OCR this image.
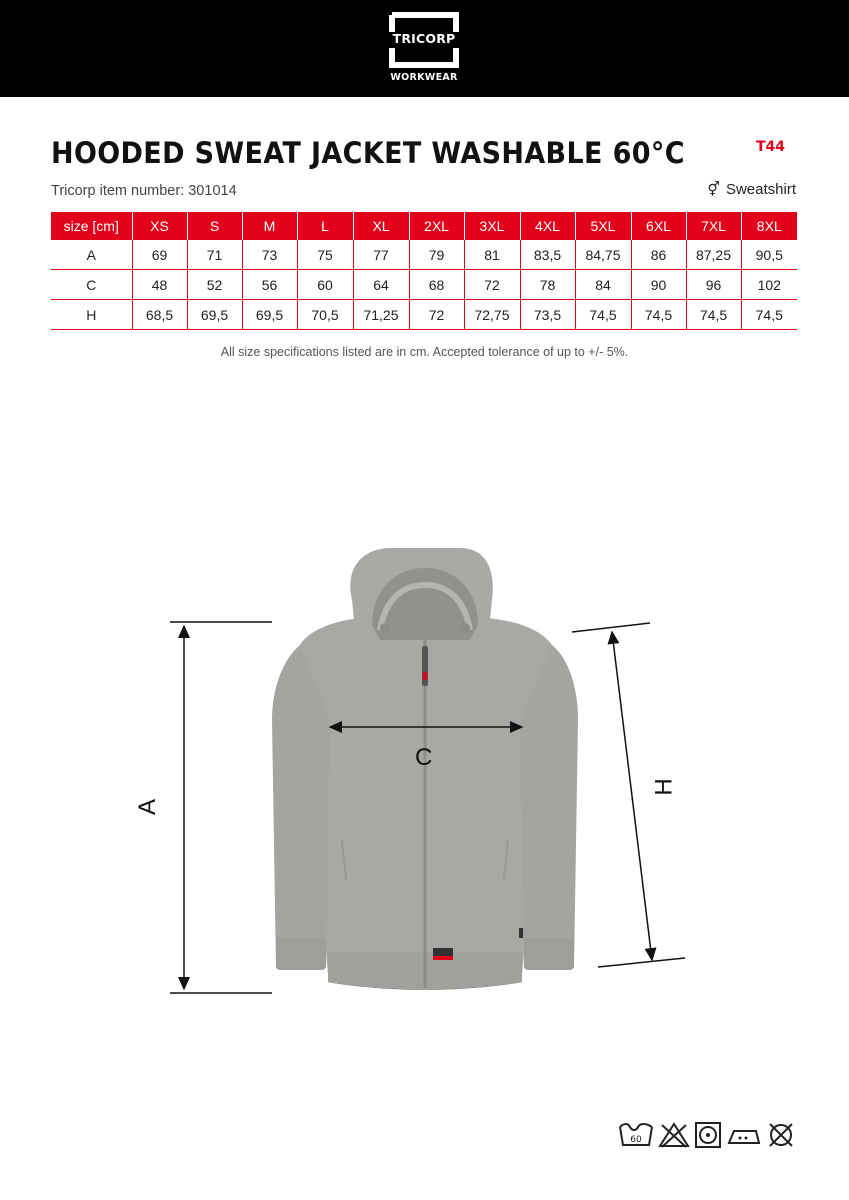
TRICORP
WORKWEAR
HOODED SWEAT JACKET WASHABLE 60°C	T44
Tricorp item number: 301014	⚥ Sweatshirt
size [cm]	XS	S	M	L	XL	2XL	3XL	4XL	5XL	6XL	7XL	8XL
A	69	71	73	75	77	79	81	83,5	84,75	86	87,25	90,5
C	48	52	56	60	64	68	72	78	84	90	96	102
H	68,5	69,5	69,5	70,5	71,25	72	72,75	73,5	74,5	74,5	74,5	74,5
All size specifications listed are in cm. Accepted tolerance of up to +/- 5%.
A
C
H
60
